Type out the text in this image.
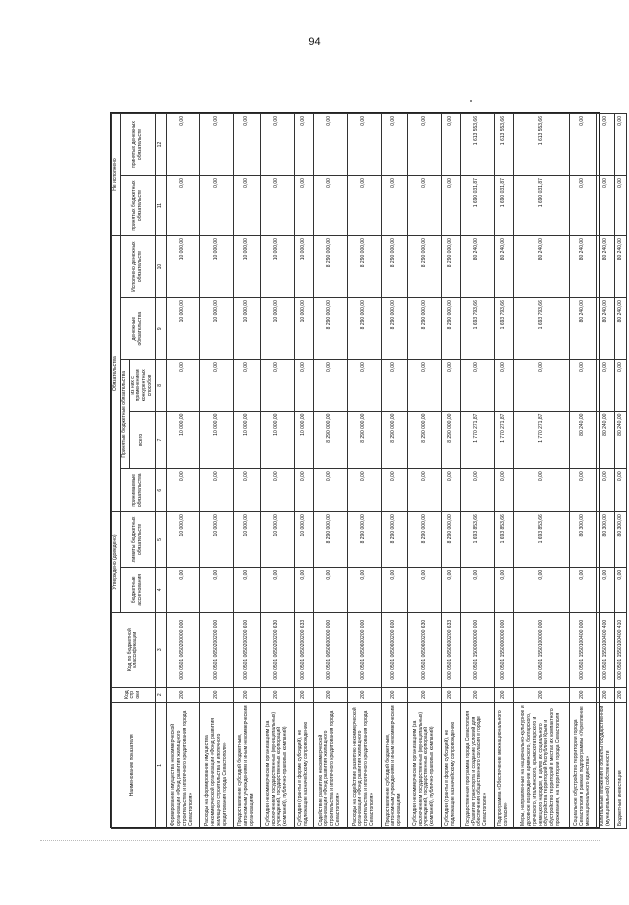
94
Наименование показателя	Код строки	Код по бюджетной классификации	Утверждено (доведено)		Обязательства					Не исполнено	
			бюджетные ассигнования	лимиты бюджетных обязательств	принимаемые обязательства	Принятые бюджетные обязательства		денежные обязательства	Исполнено денежных обязательств	принятых бюджетных обязательств	принятых денежных обязательств
						всего	из них с применением конкурентных способов				

1	2	3	4	5	6	7	8	9	10	11	12
Формирование имущества некоммерческой организации «Фонд развития жилищного строительства и ипотечного кредитования города Севастополя»	200	000 0501 0650200000 000	0,00	10 000,00	0,00	10 000,00	0,00	10 000,00	10 000,00	0,00	0,00
Расходы на формирование имущества некоммерческой организации «Фонд развития жилищного строительства и ипотечного кредитования города Севастополя»	200	000 0501 0650200200 000	0,00	10 000,00	0,00	10 000,00	0,00	10 000,00	10 000,00	0,00	0,00
Предоставление субсидий бюджетным, автономным учреждениям и иным некоммерческим организациям	200	000 0501 0650200200 600	0,00	10 000,00	0,00	10 000,00	0,00	10 000,00	10 000,00	0,00	0,00
Субсидии некоммерческим организациям (за исключением государственных (муниципальных) учреждений, государственных корпораций (компаний), публично-правовых компаний)	200	000 0501 0650200200 630	0,00	10 000,00	0,00	10 000,00	0,00	10 000,00	10 000,00	0,00	0,00
Субсидии (гранты в форме субсидий), не подлежащие казначейскому сопровождению	200	000 0501 0650200200 633	0,00	10 000,00	0,00	10 000,00	0,00	10 000,00	10 000,00	0,00	0,00
Содействие развитию некоммерческой организации «Фонд развития жилищного строительства и ипотечного кредитования города Севастополя»	200	000 0501 0650600000 000	0,00	8 290 000,00	0,00	8 290 000,00	0,00	8 290 000,00	8 290 000,00	0,00	0,00
Расходы на содействие развитию некоммерческой организации «Фонд развития жилищного строительства и ипотечного кредитования города Севастополя»	200	000 0501 0650600200 000	0,00	8 290 000,00	0,00	8 290 000,00	0,00	8 290 000,00	8 290 000,00	0,00	0,00
Предоставление субсидий бюджетным, автономным учреждениям и иным некоммерческим организациям	200	000 0501 0650600200 600	0,00	8 290 000,00	0,00	8 290 000,00	0,00	8 290 000,00	8 290 000,00	0,00	0,00
Субсидии некоммерческим организациям (за исключением государственных (муниципальных) учреждений, государственных корпораций (компаний), публично-правовых компаний)	200	000 0501 0650600200 630	0,00	8 290 000,00	0,00	8 290 000,00	0,00	8 290 000,00	8 290 000,00	0,00	0,00
Субсидии (гранты в форме субсидий), не подлежащие казначейскому сопровождению	200	000 0501 0650600200 633	0,00	8 290 000,00	0,00	8 290 000,00	0,00	8 290 000,00	8 290 000,00	0,00	0,00
Государственная программа города Севастополя «Развитие транспорта и создание условий для обеспечения общественного согласия в городе Севастополе»	200	000 0501 1500000000 000	0,00	1 693 853,66	0,00	1 770 271,87	0,00	1 693 793,66	80 240,00	1 690 031,87	1 613 553,66
Подпрограмма «Обеспечение межнационального согласия»	200	000 0501 1550000000 000	0,00	1 693 853,66	0,00	1 770 271,87	0,00	1 693 793,66	80 240,00	1 690 031,87	1 613 553,66
Меры, направленные на национально-культурное и духовное возрождение армянского, болгарского, греческого, итальянского, крымскотатарского и немецкого народов, в целях их социального обустройства территорий Республики Крым и обустройство территорий в местах их компактного проживания, на территории города Севастополя	200	000 0501 1550100000 000	0,00	1 693 853,66	0,00	1 770 271,87	0,00	1 693 793,66	80 240,00	1 690 031,87	1 613 553,66
Социальное обустройство территории города Севастополя в рамках подпрограммы «Укрепление межнационального единства»	200	000 0501 1550100400 000	0,00	80 300,00	0,00	80 240,00	0,00	80 240,00	80 240,00	0,00	0,00
Капитальные вложения в объекты государственной (муниципальной) собственности	200	000 0501 1550100400 400	0,00	80 300,00	0,00	80 240,00	0,00	80 240,00	80 240,00	0,00	0,00
Бюджетные инвестиции	200	000 0501 1550100400 410	0,00	80 300,00	0,00	80 240,00	0,00	80 240,00	80 240,00	0,00	0,00
